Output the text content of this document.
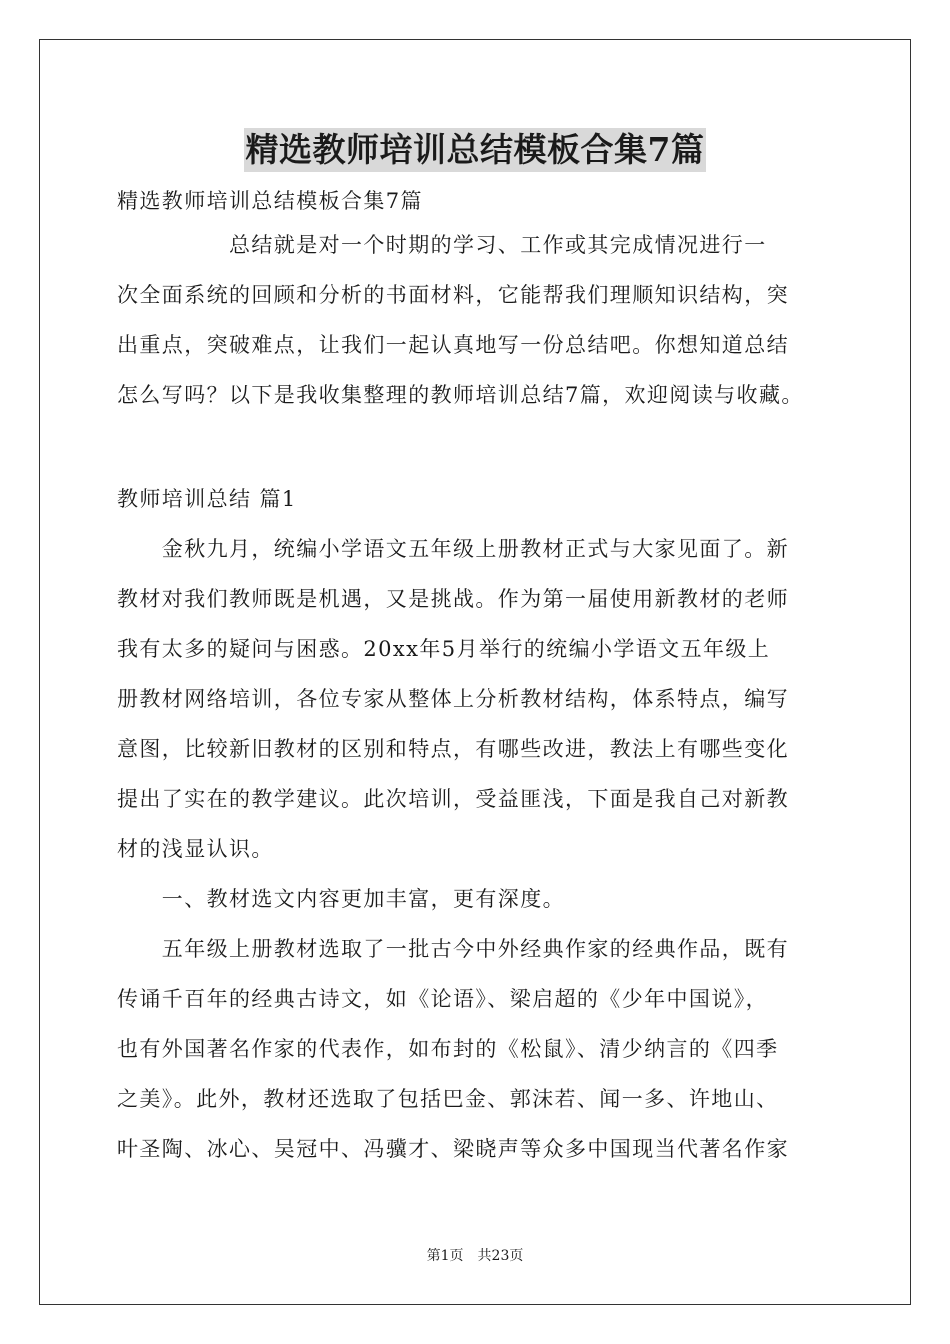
精选教师培训总结模板合集7篇
精选教师培训总结模板合集7篇
　　　　　总结就是对一个时期的学习、工作或其完成情况进行一
次全面系统的回顾和分析的书面材料，它能帮我们理顺知识结构，突
出重点，突破难点，让我们一起认真地写一份总结吧。你想知道总结
怎么写吗？以下是我收集整理的教师培训总结7篇，欢迎阅读与收藏。
教师培训总结 篇1
　　金秋九月，统编小学语文五年级上册教材正式与大家见面了。新
教材对我们教师既是机遇，又是挑战。作为第一届使用新教材的老师
我有太多的疑问与困惑。20xx年5月举行的统编小学语文五年级上
册教材网络培训，各位专家从整体上分析教材结构，体系特点，编写
意图，比较新旧教材的区别和特点，有哪些改进，教法上有哪些变化
提出了实在的教学建议。此次培训，受益匪浅，下面是我自己对新教
材的浅显认识。
　　一、教材选文内容更加丰富，更有深度。
　　五年级上册教材选取了一批古今中外经典作家的经典作品，既有
传诵千百年的经典古诗文，如《论语》、梁启超的《少年中国说》，
也有外国著名作家的代表作，如布封的《松鼠》、清少纳言的《四季
之美》。此外，教材还选取了包括巴金、郭沫若、闻一多、许地山、
叶圣陶、冰心、吴冠中、冯骥才、梁晓声等众多中国现当代著名作家
第1页　共23页
